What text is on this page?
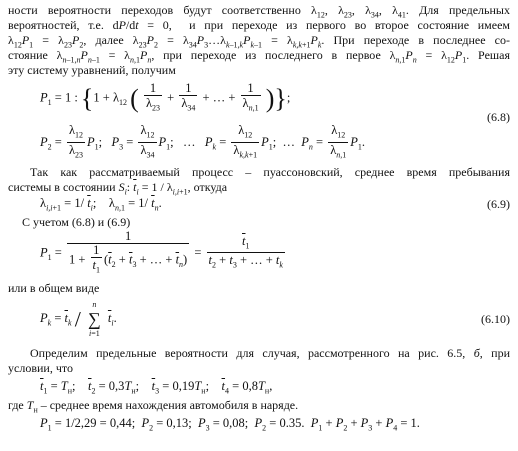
ности вероятности переходов будут соответственно $\lambda_{12}$, $\lambda_{23}$, $\lambda_{34}$, $\lambda_{41}$. Для предельных
вероятностей, т.е. dP/dt = 0,  и при переходе из первого во второе состояние имеем
$\lambda_{12}P_1 = \lambda_{23}P_2$, далее $\lambda_{23}P_2$ = $\lambda_{34}P_3\dots\lambda_{k-1,k}P_{k-1} = \lambda_{k,k+1}P_k$. При переходе в последнее со-
стояние $\lambda_{n-1,n}P_{n-1} = \lambda_{n,1}P_n$, при переходе из последнего в первое $\lambda_{n,1}P_n = \lambda_{12}P_1$. Решая
эту систему уравнений, получим
$P_1 = 1$ : {$1 + \lambda_{12}$ ( $\frac{1}{\lambda_{23}} + \frac{1}{\lambda_{34}}$ + … + $\frac{1}{\lambda_{n,1}}$ )};
$P_2 = \frac{\lambda_{12}}{\lambda_{23}} P_1$;   $P_3 = \frac{\lambda_{12}}{\lambda_{34}} P_1$;   …   $P_k = \frac{\lambda_{12}}{\lambda_{k,k+1}} P_1$;  …  $P_n = \frac{\lambda_{12}}{\lambda_{n,1}} P_1$.
(6.8)
Так как рассматриваемый процесс – пуассоновский, среднее время пребывания
системы в состоянии $S_i$: $\overline{t}_i = 1 / \lambda_{i,i+1}$, откуда
$\lambda_{i,i+1} = 1/$ $\overline{t}_i$;    $\lambda_{n,1} = 1/$ $\overline{t}_n$.	(6.9)
С учетом (6.8) и (6.9)
$P_1 = \frac{1}{1 + \frac{1}{\overline{t}_1} (\overline{t}_2 + \overline{t}_3 + \dots + \overline{t}_n)} = \frac{\overline{t}_1}{\overline{t}_2 + \overline{t}_3 + \dots + \overline{t}_k}$
или в общем виде
$P_k = \overline{t}_k$ /
n
∑
i=1
$\overline{t}_i$.	(6.10)
Определим предельные вероятности для случая, рассмотренного на рис. 6.5, б, при
условии, что
$\overline{t}_1 = T_н$;    $\overline{t}_2 = 0,3T_н$;    $\overline{t}_3 = 0,19T_н$;    $\overline{t}_4 = 0,8T_н$,
где $T_н$ – среднее время нахождения автомобиля в наряде.
$P_1 = 1/2,29 = 0,44$;  $P_2 = 0,13$;  $P_3 = 0,08$;  $P_2 = 0.35$.  $P_1 + P_2 + P_3 + P_4 = 1$.
